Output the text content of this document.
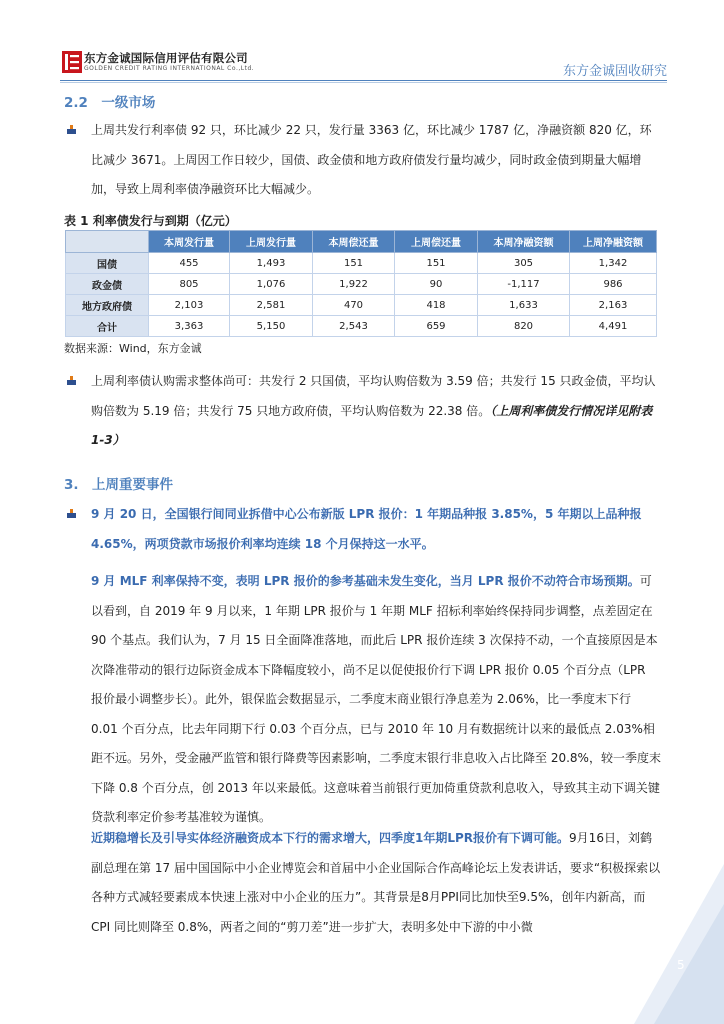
东方金诚国际信用评估有限公司
GOLDEN CREDIT RATING INTERNATIONAL Co.,Ltd.	东方金诚固收研究
2.2　一级市场
上周共发行利率债 92 只，环比减少 22 只，发行量 3363 亿，环比减少 1787 亿，净融资额 820 亿，环比减少 3671。上周因工作日较少，国债、政金债和地方政府债发行量均减少，同时政金债到期量大幅增加，导致上周利率债净融资环比大幅减少。
表 1 利率债发行与到期（亿元）
	本周发行量	上周发行量	本周偿还量	上周偿还量	本周净融资额	上周净融资额
国债	455	1,493	151	151	305	1,342
政金债	805	1,076	1,922	90	-1,117	986
地方政府债	2,103	2,581	470	418	1,633	2,163
合计	3,363	5,150	2,543	659	820	4,491
数据来源：Wind，东方金诚
上周利率债认购需求整体尚可：共发行 2 只国债，平均认购倍数为 3.59 倍；共发行 15 只政金债，平均认购倍数为 5.19 倍；共发行 75 只地方政府债，平均认购倍数为 22.38 倍。（上周利率债发行情况详见附表 1-3）
3.　上周重要事件
9 月 20 日，全国银行间同业拆借中心公布新版 LPR 报价：1 年期品种报 3.85%，5 年期以上品种报 4.65%，两项贷款市场报价利率均连续 18 个月保持这一水平。
9 月 MLF 利率保持不变，表明 LPR 报价的参考基础未发生变化，当月 LPR 报价不动符合市场预期。可以看到，自 2019 年 9 月以来，1 年期 LPR 报价与 1 年期 MLF 招标利率始终保持同步调整，点差固定在 90 个基点。我们认为，7 月 15 日全面降准落地，而此后 LPR 报价连续 3 次保持不动，一个直接原因是本次降准带动的银行边际资金成本下降幅度较小，尚不足以促使报价行下调 LPR 报价 0.05 个百分点（LPR 报价最小调整步长）。此外，银保监会数据显示，二季度末商业银行净息差为 2.06%，比一季度末下行 0.01 个百分点，比去年同期下行 0.03 个百分点，已与 2010 年 10 月有数据统计以来的最低点 2.03%相距不远。另外，受金融严监管和银行降费等因素影响，二季度末银行非息收入占比降至 20.8%，较一季度末下降 0.8 个百分点，创 2013 年以来最低。这意味着当前银行更加倚重贷款利息收入，导致其主动下调关键贷款利率定价参考基准较为谨慎。
近期稳增长及引导实体经济融资成本下行的需求增大，四季度1年期LPR报价有下调可能。9月16日，刘鹤副总理在第 17 届中国国际中小企业博览会和首届中小企业国际合作高峰论坛上发表讲话，要求“积极探索以各种方式减轻要素成本快速上涨对中小企业的压力”。其背景是8月PPI同比加快至9.5%，创年内新高，而 CPI 同比则降至 0.8%，两者之间的“剪刀差”进一步扩大，表明多处中下游的中小微
5
